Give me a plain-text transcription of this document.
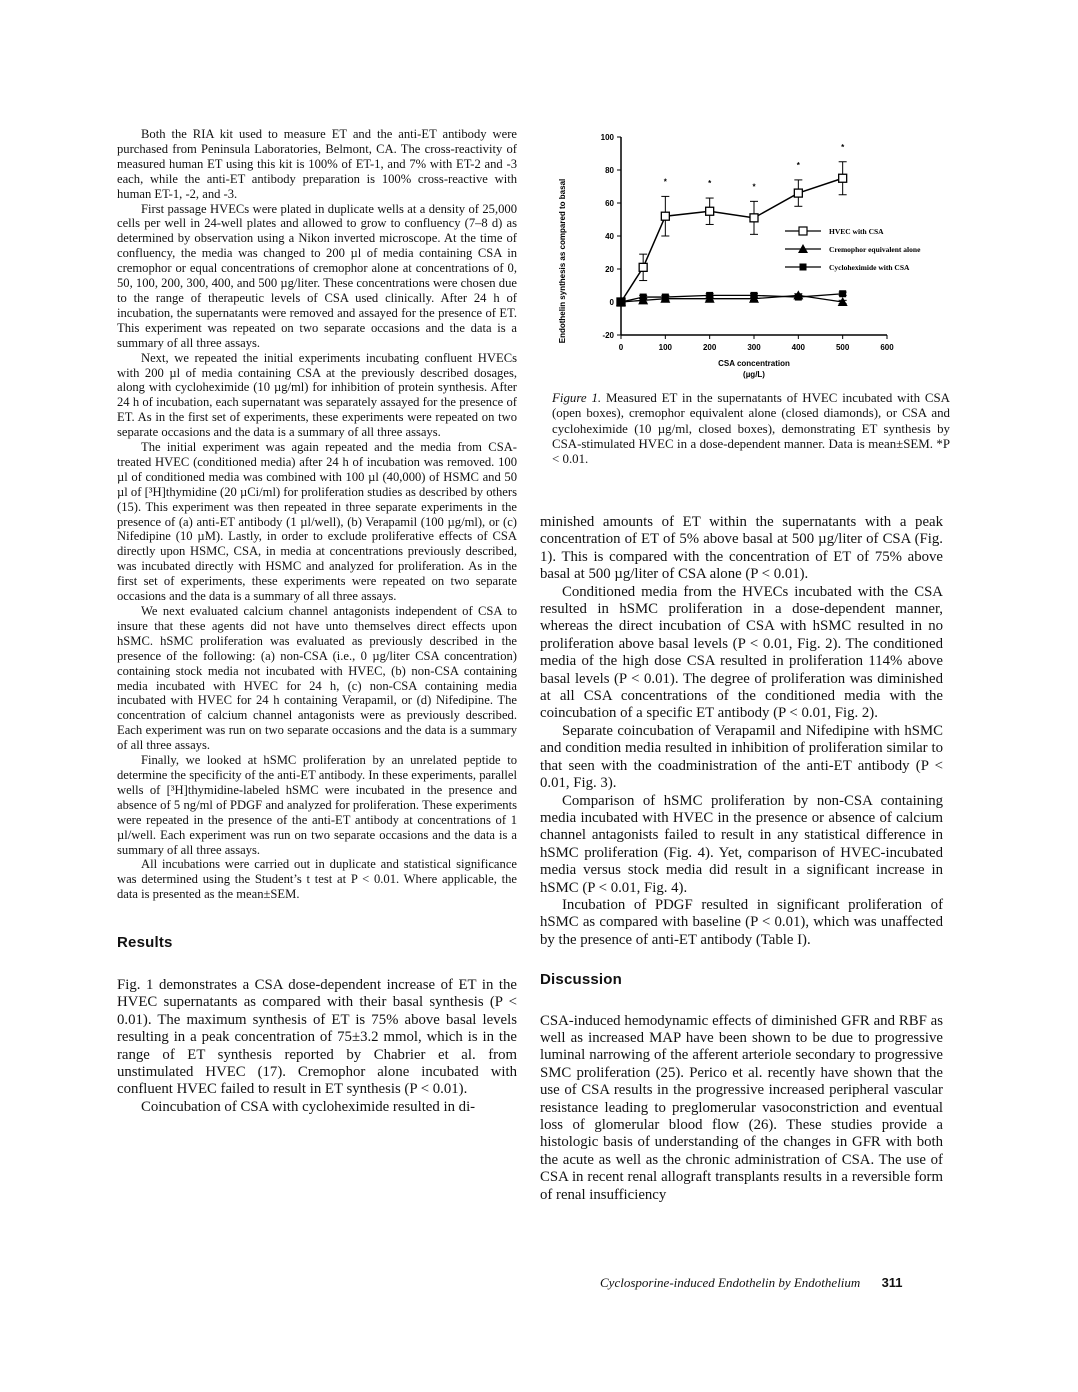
Both the RIA kit used to measure ET and the anti-ET antibody were purchased from Peninsula Laboratories, Belmont, CA. The cross-reactivity of measured human ET using this kit is 100% of ET-1, and 7% with ET-2 and -3 each, while the anti-ET antibody preparation is 100% cross-reactive with human ET-1, -2, and -3.

First passage HVECs were plated in duplicate wells at a density of 25,000 cells per well in 24-well plates and allowed to grow to confluency (7–8 d) as determined by observation using a Nikon inverted microscope. At the time of confluency, the media was changed to 200 µl of media containing CSA in cremophor or equal concentrations of cremophor alone at concentrations of 0, 50, 100, 200, 300, 400, and 500 µg/liter. These concentrations were chosen due to the range of therapeutic levels of CSA used clinically. After 24 h of incubation, the supernatants were removed and assayed for the presence of ET. This experiment was repeated on two separate occasions and the data is a summary of all three assays.

Next, we repeated the initial experiments incubating confluent HVECs with 200 µl of media containing CSA at the previously described dosages, along with cycloheximide (10 µg/ml) for inhibition of protein synthesis. After 24 h of incubation, each supernatant was separately assayed for the presence of ET. As in the first set of experiments, these experiments were repeated on two separate occasions and the data is a summary of all three assays.

The initial experiment was again repeated and the media from CSA-treated HVEC (conditioned media) after 24 h of incubation was removed. 100 µl of conditioned media was combined with 100 µl (40,000) of HSMC and 50 µl of [³H]thymidine (20 µCi/ml) for proliferation studies as described by others (15). This experiment was then repeated in three separate experiments in the presence of (a) anti-ET antibody (1 µl/well), (b) Verapamil (100 µg/ml), or (c) Nifedipine (10 µM). Lastly, in order to exclude proliferative effects of CSA directly upon HSMC, CSA, in media at concentrations previously described, was incubated directly with HSMC and analyzed for proliferation. As in the first set of experiments, these experiments were repeated on two separate occasions and the data is a summary of all three assays.

We next evaluated calcium channel antagonists independent of CSA to insure that these agents did not have unto themselves direct effects upon hSMC. hSMC proliferation was evaluated as previously described in the presence of the following: (a) non-CSA (i.e., 0 µg/liter CSA concentration) containing stock media not incubated with HVEC, (b) non-CSA containing media incubated with HVEC for 24 h, (c) non-CSA containing media incubated with HVEC for 24 h containing Verapamil, or (d) Nifedipine. The concentration of calcium channel antagonists were as previously described. Each experiment was run on two separate occasions and the data is a summary of all three assays.

Finally, we looked at hSMC proliferation by an unrelated peptide to determine the specificity of the anti-ET antibody. In these experiments, parallel wells of [³H]thymidine-labeled hSMC were incubated in the presence and absence of 5 ng/ml of PDGF and analyzed for proliferation. These experiments were repeated in the presence of the anti-ET antibody at concentrations of 1 µl/well. Each experiment was run on two separate occasions and the data is a summary of all three assays.

All incubations were carried out in duplicate and statistical significance was determined using the Student’s t test at P < 0.01. Where applicable, the data is presented as the mean±SEM.

Results

Fig. 1 demonstrates a CSA dose-dependent increase of ET in the HVEC supernatants as compared with their basal synthesis (P < 0.01). The maximum synthesis of ET is 75% above basal levels resulting in a peak concentration of 75±3.2 mmol, which is in the range of ET synthesis reported by Chabrier et al. from unstimulated HVEC (17). Cremophor alone incubated with confluent HVEC failed to result in ET synthesis (P < 0.01).

Coincubation of CSA with cycloheximide resulted in di-

-20
0
20
40
60
80
100
0	100	200	300	400	500	600
CSA concentration
(µg/L)
Endothelin synthesis as compared to basal	*	*	*
*
*
HVEC with CSA
Cremophor equivalent alone
Cycloheximide with CSA
Figure 1. Measured ET in the supernatants of HVEC incubated with CSA (open boxes), cremophor equivalent alone (closed diamonds), or CSA and cycloheximide (10 µg/ml, closed boxes), demonstrating ET synthesis by CSA-stimulated HVEC in a dose-dependent manner. Data is mean±SEM. *P < 0.01.

minished amounts of ET within the supernatants with a peak concentration of ET of 5% above basal at 500 µg/liter of CSA (Fig. 1). This is compared with the concentration of ET of 75% above basal at 500 µg/liter of CSA alone (P < 0.01).

Conditioned media from the HVECs incubated with the CSA resulted in hSMC proliferation in a dose-dependent manner, whereas the direct incubation of CSA with hSMC resulted in no proliferation above basal levels (P < 0.01, Fig. 2). The conditioned media of the high dose CSA resulted in proliferation 114% above basal levels (P < 0.01). The degree of proliferation was diminished at all CSA concentrations of the conditioned media with the coincubation of a specific ET antibody (P < 0.01, Fig. 2).

Separate coincubation of Verapamil and Nifedipine with hSMC and condition media resulted in inhibition of proliferation similar to that seen with the coadministration of the anti-ET antibody (P < 0.01, Fig. 3).

Comparison of hSMC proliferation by non-CSA containing media incubated with HVEC in the presence or absence of calcium channel antagonists failed to result in any statistical difference in hSMC proliferation (Fig. 4). Yet, comparison of HVEC-incubated media versus stock media did result in a significant increase in hSMC (P < 0.01, Fig. 4).

Incubation of PDGF resulted in significant proliferation of hSMC as compared with baseline (P < 0.01), which was unaffected by the presence of anti-ET antibody (Table I).

Discussion

CSA-induced hemodynamic effects of diminished GFR and RBF as well as increased MAP have been shown to be due to progressive luminal narrowing of the afferent arteriole secondary to progressive SMC proliferation (25). Perico et al. recently have shown that the use of CSA results in the progressive increased peripheral vascular resistance leading to preglomerular vasoconstriction and eventual loss of glomerular blood flow (26). These studies provide a histologic basis of understanding of the changes in GFR with both the acute as well as the chronic administration of CSA. The use of CSA in recent renal allograft transplants results in a reversible form of renal insufficiency

Cyclosporine-induced Endothelin by Endothelium 311
